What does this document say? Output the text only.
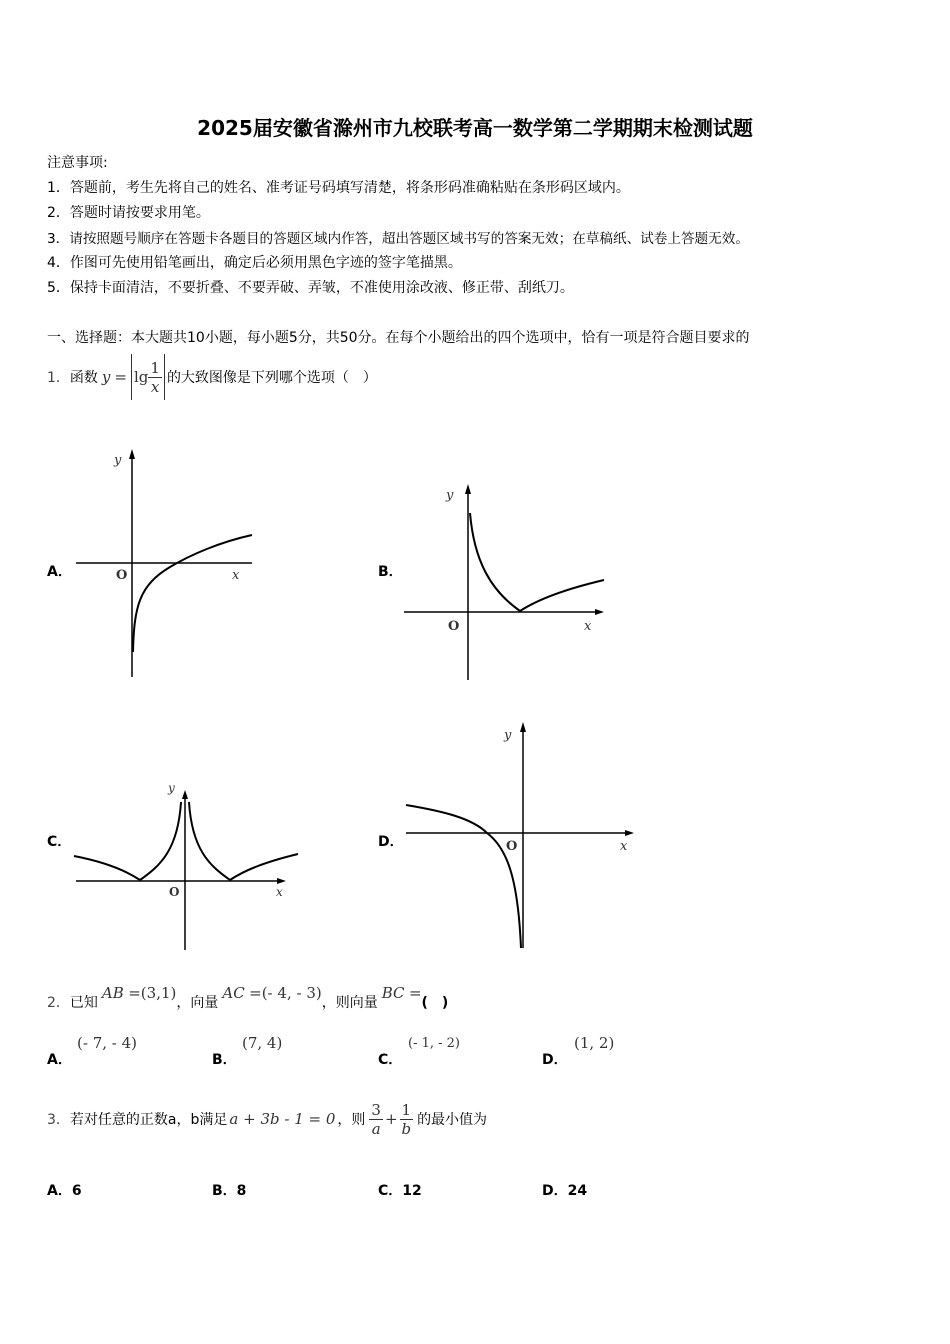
2025届安徽省滁州市九校联考高一数学第二学期期末检测试题
注意事项:
1．答题前，考生先将自己的姓名、准考证号码填写清楚，将条形码准确粘贴在条形码区域内。
2．答题时请按要求用笔。
3．请按照题号顺序在答题卡各题目的答题区域内作答，超出答题区域书写的答案无效；在草稿纸、试卷上答题无效。
4．作图可先使用铅笔画出，确定后必须用黑色字迹的签字笔描黑。
5．保持卡面清洁，不要折叠、不要弄破、弄皱，不准使用涂改液、修正带、刮纸刀。
一、选择题：本大题共10小题，每小题5分，共50分。在每个小题给出的四个选项中，恰有一项是符合题目要求的
1． 函数 $y = \lg \frac{1}{x}$ 的大致图像是下列哪个选项（　）
A．	B．
C．	D．
y
x
O
y
x
O
y
x
O
y
x
O
2． 已知
AB =(3,1)
，向量
AC =(- 4, - 3)
，则向量
BC =
(　)
A．
(- 7, - 4)
B．
(7, 4)
C．
(- 1, - 2)
D．
(1, 2)
3． 若对任意的正数a，b满足 a + 3b - 1 = 0 ，则 $\frac{3}{a} + \frac{1}{b}$ 的最小值为
A．6	B．8	C．12	D．24
